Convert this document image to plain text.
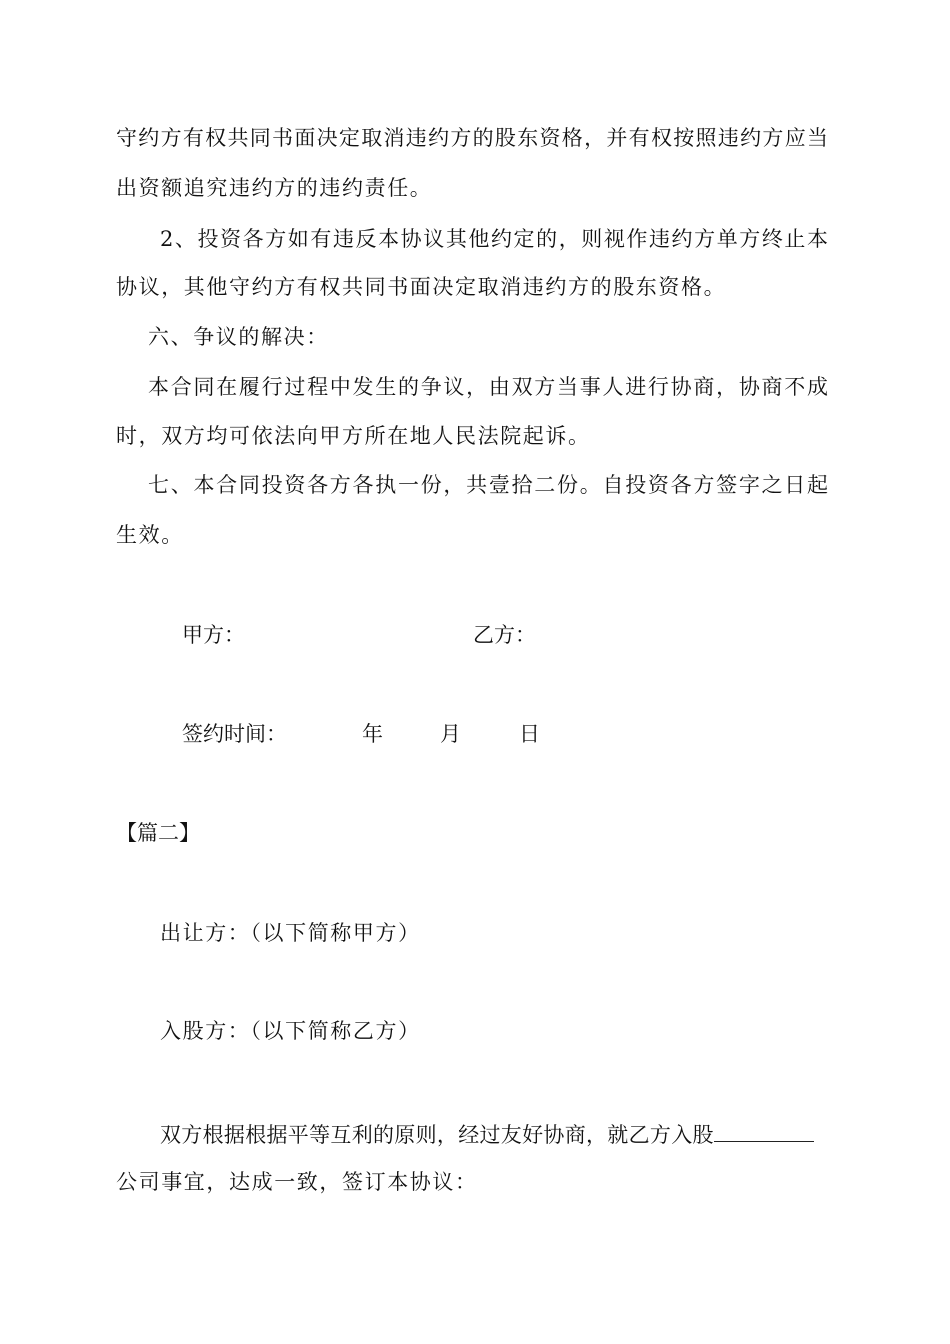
守约方有权共同书面决定取消违约方的股东资格，并有权按照违约方应当
出资额追究违约方的违约责任。
2、投资各方如有违反本协议其他约定的，则视作违约方单方终止本
协议，其他守约方有权共同书面决定取消违约方的股东资格。
六、争议的解决：
本合同在履行过程中发生的争议，由双方当事人进行协商，协商不成
时，双方均可依法向甲方所在地人民法院起诉。
七、本合同投资各方各执一份，共壹拾二份。自投资各方签字之日起
生效。
甲方：	乙方：
签约时间：	年	月	日
【篇二】
出让方：（以下简称甲方）
入股方：（以下简称乙方）
双方根据根据平等互利的原则，经过友好协商，就乙方入股
公司事宜，达成一致，签订本协议：
